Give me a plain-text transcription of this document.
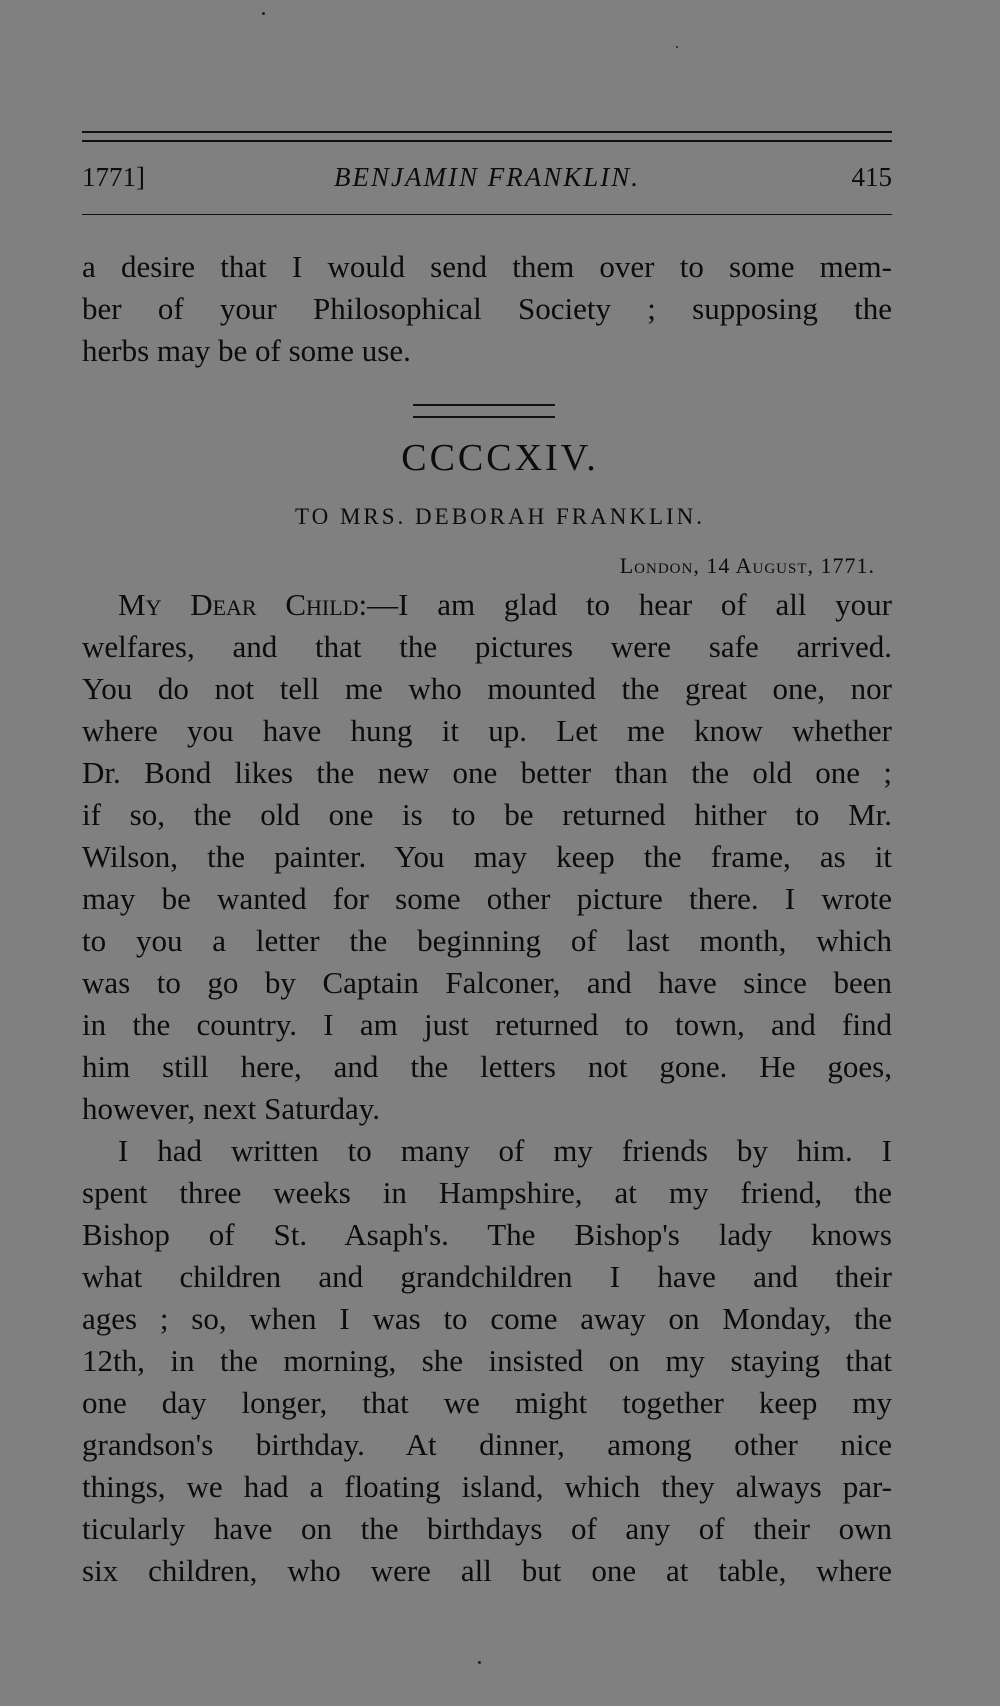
1771]	BENJAMIN FRANKLIN.	415
a desire that I would send them over to some mem-
ber of your Philosophical Society ; supposing the
herbs may be of some use.
CCCCXIV.
TO MRS. DEBORAH FRANKLIN.
London, 14 August, 1771.
My Dear Child:—I am glad to hear of all your
welfares, and that the pictures were safe arrived.
You do not tell me who mounted the great one, nor
where you have hung it up. Let me know whether
Dr. Bond likes the new one better than the old one ;
if so, the old one is to be returned hither to Mr.
Wilson, the painter. You may keep the frame, as it
may be wanted for some other picture there. I wrote
to you a letter the beginning of last month, which
was to go by Captain Falconer, and have since been
in the country. I am just returned to town, and find
him still here, and the letters not gone. He goes,
however, next Saturday.
I had written to many of my friends by him. I
spent three weeks in Hampshire, at my friend, the
Bishop of St. Asaph's. The Bishop's lady knows
what children and grandchildren I have and their
ages ; so, when I was to come away on Monday, the
12th, in the morning, she insisted on my staying that
one day longer, that we might together keep my
grandson's birthday. At dinner, among other nice
things, we had a floating island, which they always par-
ticularly have on the birthdays of any of their own
six children, who were all but one at table, where
